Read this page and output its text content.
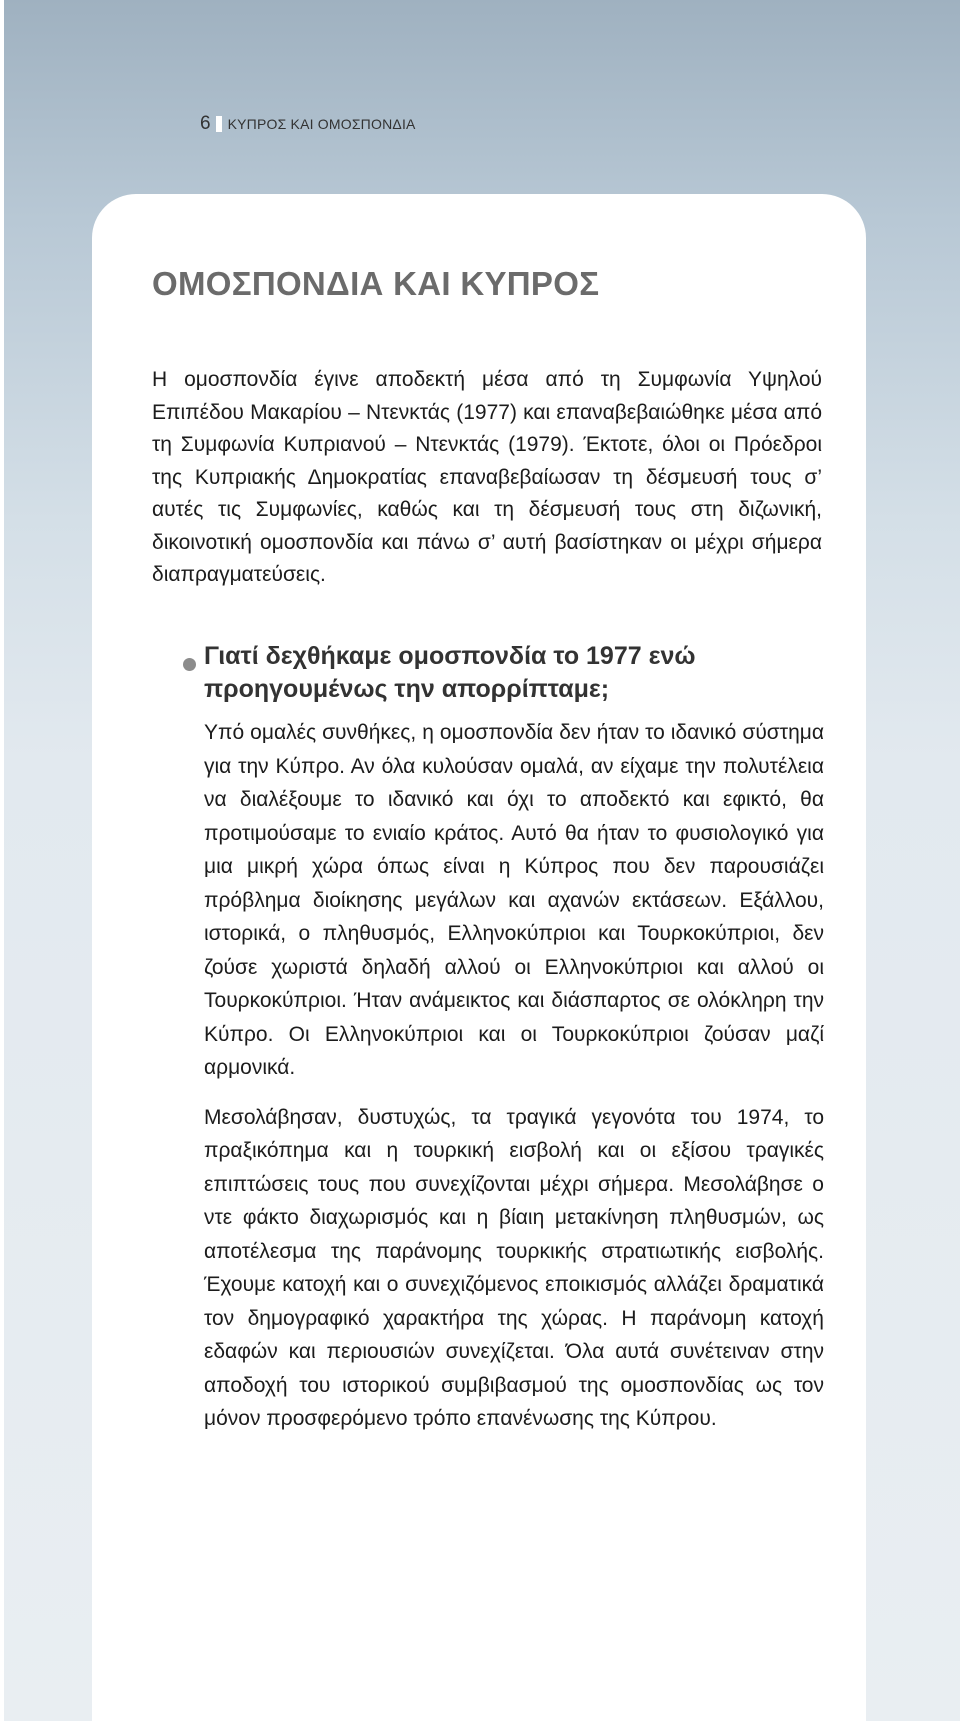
6 ΚΥΠΡΟΣ ΚΑΙ ΟΜΟΣΠΟΝΔΙΑ
ΟΜΟΣΠΟΝΔΙΑ ΚΑΙ ΚΥΠΡΟΣ

Η ομοσπονδία έγινε αποδεκτή μέσα από τη Συμφωνία Υψηλού Επιπέδου Μακαρίου – Ντενκτάς (1977) και επαναβεβαιώθηκε μέσα από τη Συμφωνία Κυπριανού – Ντενκτάς (1979). Έκτοτε, όλοι οι Πρόεδροι της Κυπριακής Δημοκρατίας επαναβεβαίωσαν τη δέσμευσή τους σ’ αυτές τις Συμφωνίες, καθώς και τη δέσμευσή τους στη διζωνική, δικοινοτική ομοσπονδία και πάνω σ’ αυτή βασίστηκαν οι μέχρι σήμερα διαπραγματεύσεις.

Γιατί δεχθήκαμε ομοσπονδία το 1977 ενώ προηγουμένως την απορρίπταμε;

Υπό ομαλές συνθήκες, η ομοσπονδία δεν ήταν το ιδανικό σύστημα για την Κύπρο. Αν όλα κυλούσαν ομαλά, αν είχαμε την πολυτέλεια να διαλέξουμε το ιδανικό και όχι το αποδεκτό και εφικτό, θα προτιμούσαμε το ενιαίο κράτος. Αυτό θα ήταν το φυσιολογικό για μια μικρή χώρα όπως είναι η Κύπρος που δεν παρουσιάζει πρόβλημα διοίκησης μεγάλων και αχανών εκτάσεων. Εξάλλου, ιστορικά, ο πληθυσμός, Ελληνοκύπριοι και Τουρκοκύπριοι, δεν ζούσε χωριστά δηλαδή αλλού οι Ελληνοκύπριοι και αλλού οι Τουρκοκύπριοι. Ήταν ανάμεικτος και διάσπαρτος σε ολόκληρη την Κύπρο. Οι Ελληνοκύπριοι και οι Τουρκοκύπριοι ζούσαν μαζί αρμονικά.

Μεσολάβησαν, δυστυχώς, τα τραγικά γεγονότα του 1974, το πραξικόπημα και η τουρκική εισβολή και οι εξίσου τραγικές επιπτώσεις τους που συνεχίζονται μέχρι σήμερα. Μεσολάβησε ο ντε φάκτο διαχωρισμός και η βίαιη μετακίνηση πληθυσμών, ως αποτέλεσμα της παράνομης τουρκικής στρατιωτικής εισβολής. Έχουμε κατοχή και ο συνεχιζόμενος εποικισμός αλλάζει δραματικά τον δημογραφικό χαρακτήρα της χώρας. Η παράνομη κατοχή εδαφών και περιουσιών συνεχίζεται. Όλα αυτά συνέτειναν στην αποδοχή του ιστορικού συμβιβασμού της ομοσπονδίας ως τον μόνον προσφερόμενο τρόπο επανένωσης της Κύπρου.
